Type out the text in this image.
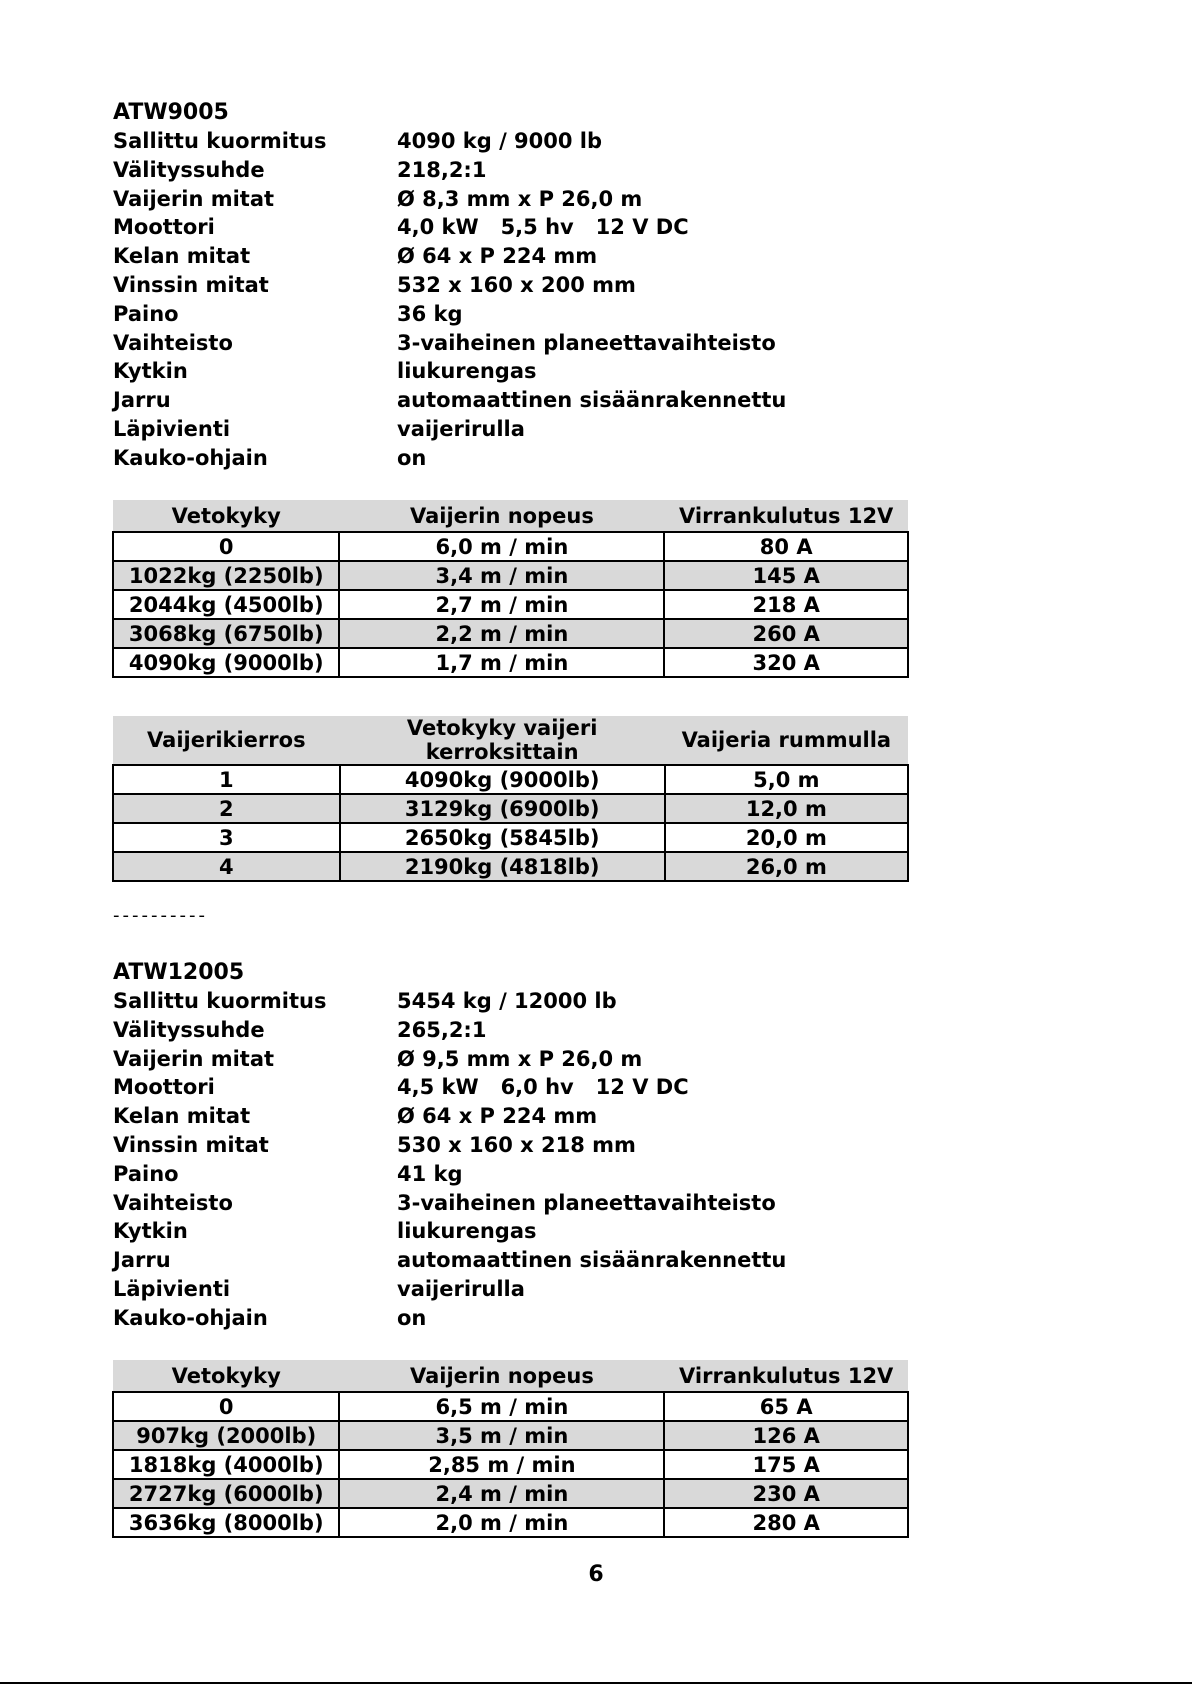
ATW9005
Sallittu kuormitus	4090 kg / 9000 lb
Välityssuhde	218,2:1
Vaijerin mitat	Ø 8,3 mm x P 26,0 m
Moottori	4,0 kW   5,5 hv   12 V DC
Kelan mitat	Ø 64 x P 224 mm
Vinssin mitat	532 x 160 x 200 mm
Paino	36 kg
Vaihteisto	3-vaiheinen planeettavaihteisto
Kytkin	liukurengas
Jarru	automaattinen sisäänrakennettu
Läpivienti	vaijerirulla
Kauko-ohjain	on
Vetokyky	Vaijerin nopeus	Virrankulutus 12V
0	6,0 m / min	80 A
1022kg (2250lb)	3,4 m / min	145 A
2044kg (4500lb)	2,7 m / min	218 A
3068kg (6750lb)	2,2 m / min	260 A
4090kg (9000lb)	1,7 m / min	320 A
Vaijerikierros	Vetokyky vaijeri kerroksittain	Vaijeria rummulla
1	4090kg (9000lb)	5,0 m
2	3129kg (6900lb)	12,0 m
3	2650kg (5845lb)	20,0 m
4	2190kg (4818lb)	26,0 m
----------
ATW12005
Sallittu kuormitus	5454 kg / 12000 lb
Välityssuhde	265,2:1
Vaijerin mitat	Ø 9,5 mm x P 26,0 m
Moottori	4,5 kW   6,0 hv   12 V DC
Kelan mitat	Ø 64 x P 224 mm
Vinssin mitat	530 x 160 x 218 mm
Paino	41 kg
Vaihteisto	3-vaiheinen planeettavaihteisto
Kytkin	liukurengas
Jarru	automaattinen sisäänrakennettu
Läpivienti	vaijerirulla
Kauko-ohjain	on
Vetokyky	Vaijerin nopeus	Virrankulutus 12V
0	6,5 m / min	65 A
907kg (2000lb)	3,5 m / min	126 A
1818kg (4000lb)	2,85 m / min	175 A
2727kg (6000lb)	2,4 m / min	230 A
3636kg (8000lb)	2,0 m / min	280 A
6
